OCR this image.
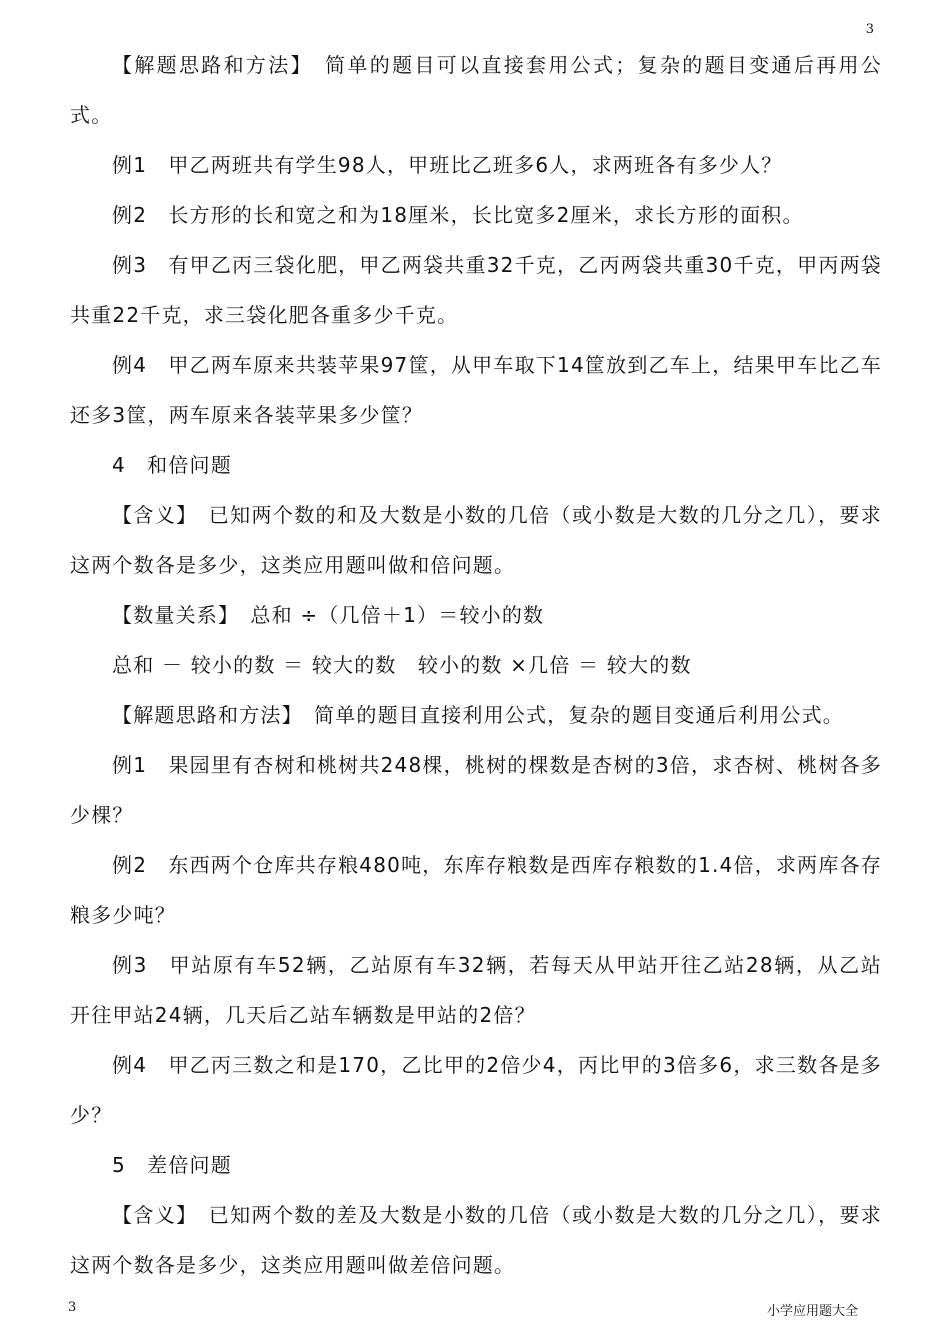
3

【解题思路和方法】　简单的题目可以直接套用公式；复杂的题目变通后再用公式。

例1　甲乙两班共有学生98人，甲班比乙班多6人，求两班各有多少人？

例2　长方形的长和宽之和为18厘米，长比宽多2厘米，求长方形的面积。

例3　有甲乙丙三袋化肥，甲乙两袋共重32千克，乙丙两袋共重30千克，甲丙两袋共重22千克，求三袋化肥各重多少千克。

例4　甲乙两车原来共装苹果97筐，从甲车取下14筐放到乙车上，结果甲车比乙车还多3筐，两车原来各装苹果多少筐？

4　和倍问题

【含义】　已知两个数的和及大数是小数的几倍（或小数是大数的几分之几），要求这两个数各是多少，这类应用题叫做和倍问题。

【数量关系】　总和 ÷（几倍＋1）＝较小的数

总和 － 较小的数 ＝ 较大的数　较小的数 ×几倍 ＝ 较大的数

【解题思路和方法】　简单的题目直接利用公式，复杂的题目变通后利用公式。

例1　果园里有杏树和桃树共248棵，桃树的棵数是杏树的3倍，求杏树、桃树各多少棵？

例2　东西两个仓库共存粮480吨，东库存粮数是西库存粮数的1.4倍，求两库各存粮多少吨？

例3　甲站原有车52辆，乙站原有车32辆，若每天从甲站开往乙站28辆，从乙站开往甲站24辆，几天后乙站车辆数是甲站的2倍？

例4　甲乙丙三数之和是170，乙比甲的2倍少4，丙比甲的3倍多6，求三数各是多少？

5　差倍问题

【含义】　已知两个数的差及大数是小数的几倍（或小数是大数的几分之几），要求这两个数各是多少，这类应用题叫做差倍问题。

3	小学应用题大全
